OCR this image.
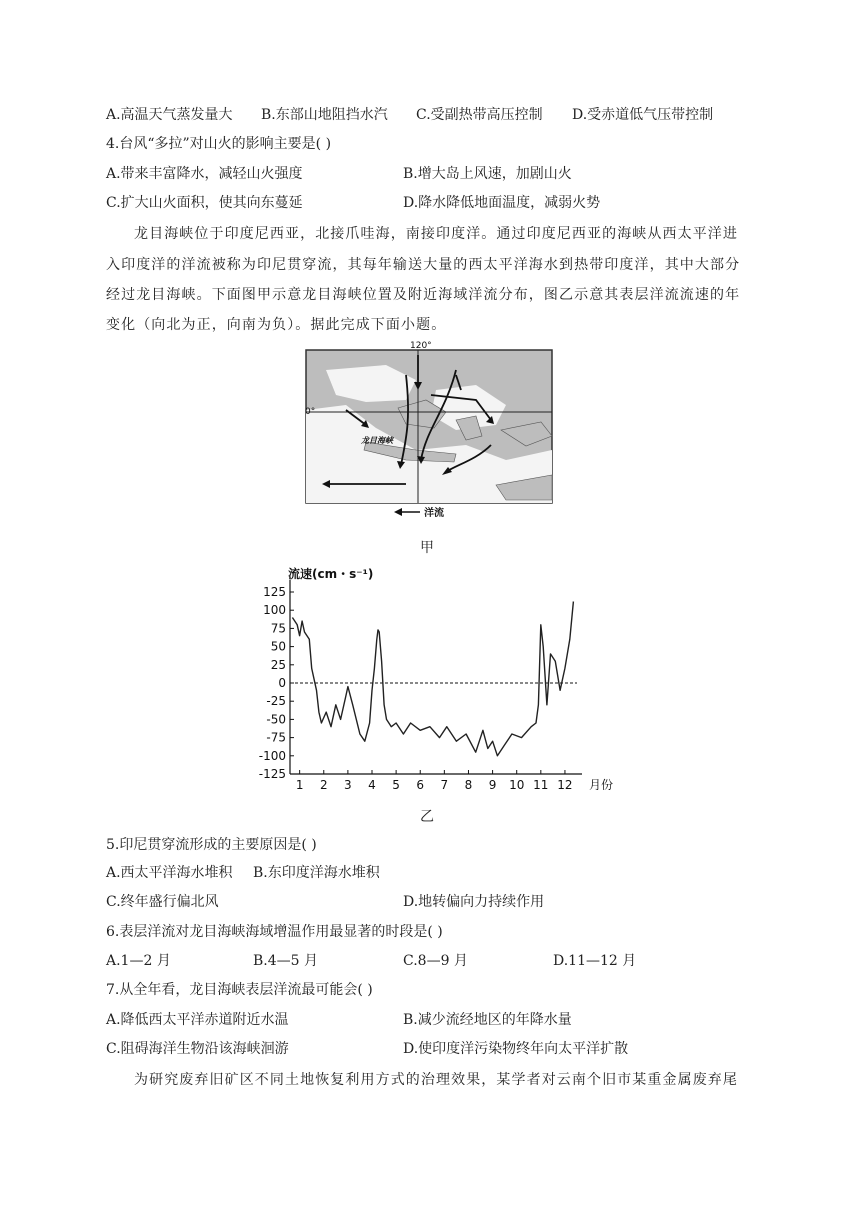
A.高温天气蒸发量大 B.东部山地阻挡水汽 C.受副热带高压控制 D.受赤道低气压带控制
4.台风“多拉”对山火的影响主要是( )
A.带来丰富降水，减轻山火强度	B.增大岛上风速，加剧山火
C.扩大山火面积，使其向东蔓延	D.降水降低地面温度，减弱火势
龙目海峡位于印度尼西亚，北接爪哇海，南接印度洋。通过印度尼西亚的海峡从西太平洋进
入印度洋的洋流被称为印尼贯穿流，其每年输送大量的西太平洋海水到热带印度洋，其中大部分
经过龙目海峡。下面图甲示意龙目海峡位置及附近海域洋流分布，图乙示意其表层洋流流速的年
变化（向北为正，向南为负）。据此完成下面小题。
120°
0°
龙目海峡
洋流
甲
125
100
75
50
25
0
-25
-50
-75
-100
-125
1 2 3 4 5 6 7 8 9 10 11 12
流速(cm・s⁻¹)
月份
乙
5.印尼贯穿流形成的主要原因是( )
A.西太平洋海水堆积 B.东印度洋海水堆积
C.终年盛行偏北风	D.地转偏向力持续作用
6.表层洋流对龙目海峡海域增温作用最显著的时段是( )
A.1—2 月	B.4—5 月	C.8—9 月	D.11—12 月
7.从全年看，龙目海峡表层洋流最可能会( )
A.降低西太平洋赤道附近水温	B.减少流经地区的年降水量
C.阻碍海洋生物沿该海峡洄游	D.使印度洋污染物终年向太平洋扩散
为研究废弃旧矿区不同土地恢复利用方式的治理效果，某学者对云南个旧市某重金属废弃尾
